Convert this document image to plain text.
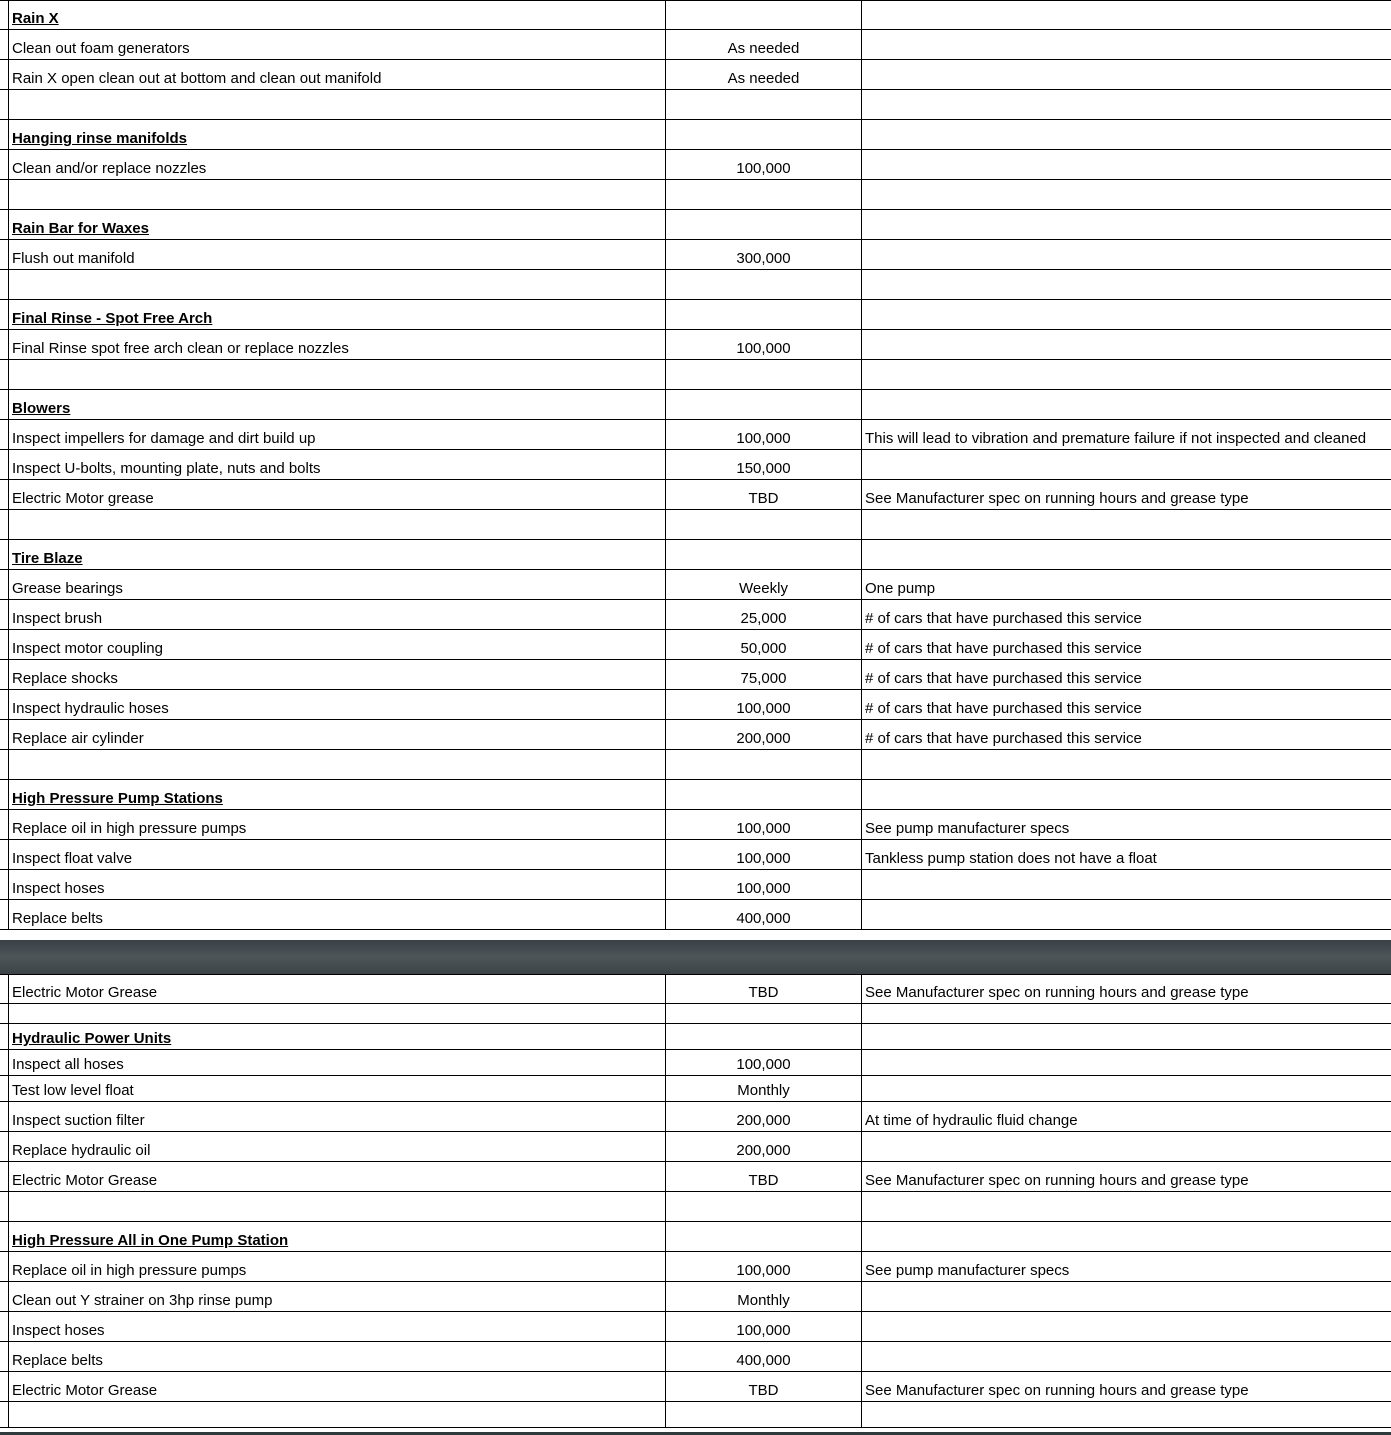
Rain X
Clean out foam generators	As needed
Rain X open clean out at bottom and clean out manifold	As needed
Hanging rinse manifolds
Clean and/or replace nozzles	100,000
Rain Bar for Waxes
Flush out manifold	300,000
Final Rinse - Spot Free Arch
Final Rinse spot free arch clean or replace nozzles	100,000
Blowers
Inspect impellers for damage and dirt build up	100,000	This will lead to vibration and premature failure if not inspected and cleaned
Inspect U-bolts, mounting plate, nuts and bolts	150,000
Electric Motor grease	TBD	See Manufacturer spec on running hours and grease type
Tire Blaze
Grease bearings	Weekly	One pump
Inspect brush	25,000	# of cars that have purchased this service
Inspect motor coupling	50,000	# of cars that have purchased this service
Replace shocks	75,000	# of cars that have purchased this service
Inspect hydraulic hoses	100,000	# of cars that have purchased this service
Replace air cylinder	200,000	# of cars that have purchased this service
High Pressure Pump Stations
Replace oil in high pressure pumps	100,000	See pump manufacturer specs
Inspect float valve	100,000	Tankless pump station does not have a float
Inspect hoses	100,000
Replace belts	400,000
Electric Motor Grease	TBD	See Manufacturer spec on running hours and grease type
Hydraulic Power Units
Inspect all hoses	100,000
Test low level float	Monthly
Inspect suction filter	200,000	At time of hydraulic fluid change
Replace hydraulic oil	200,000
Electric Motor Grease	TBD	See Manufacturer spec on running hours and grease type
High Pressure All in One Pump Station
Replace oil in high pressure pumps	100,000	See pump manufacturer specs
Clean out Y strainer on 3hp rinse pump	Monthly
Inspect hoses	100,000
Replace belts	400,000
Electric Motor Grease	TBD	See Manufacturer spec on running hours and grease type
